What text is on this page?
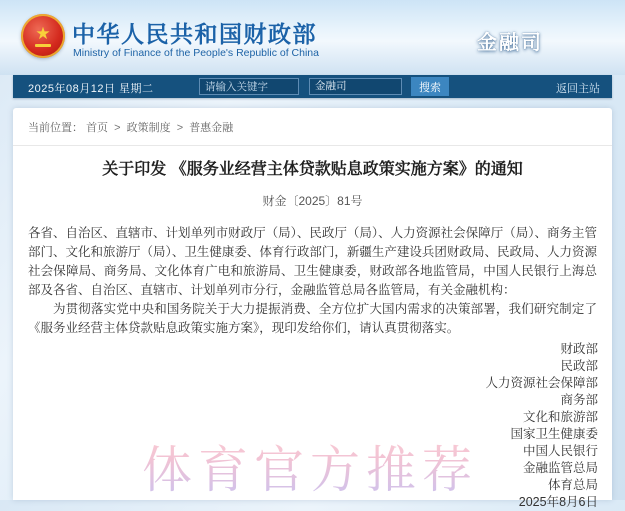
★ 中华人民共和国财政部
Ministry of Finance of the People's Republic of China	金融司
2025年08月12日 星期二
请输入关键字	金融司	搜索	返回主站
当前位置： 首页 > 政策制度 > 普惠金融
关于印发 《服务业经营主体贷款贴息政策实施方案》的通知
财金〔2025〕81号

各省、自治区、直辖市、计划单列市财政厅（局）、民政厅（局）、人力资源社会保障厅（局）、商务主管部门、文化和旅游厅（局）、卫生健康委、体育行政部门，新疆生产建设兵团财政局、民政局、人力资源社会保障局、商务局、文化体育广电和旅游局、卫生健康委，财政部各地监管局，中国人民银行上海总部及各省、自治区、直辖市、计划单列市分行，金融监管总局各监管局，有关金融机构：

为贯彻落实党中央和国务院关于大力提振消费、全方位扩大国内需求的决策部署，我们研究制定了《服务业经营主体贷款贴息政策实施方案》，现印发给你们，请认真贯彻落实。

财政部
民政部
人力资源社会保障部
商务部
文化和旅游部
国家卫生健康委
中国人民银行
金融监管总局
体育总局
2025年8月6日
